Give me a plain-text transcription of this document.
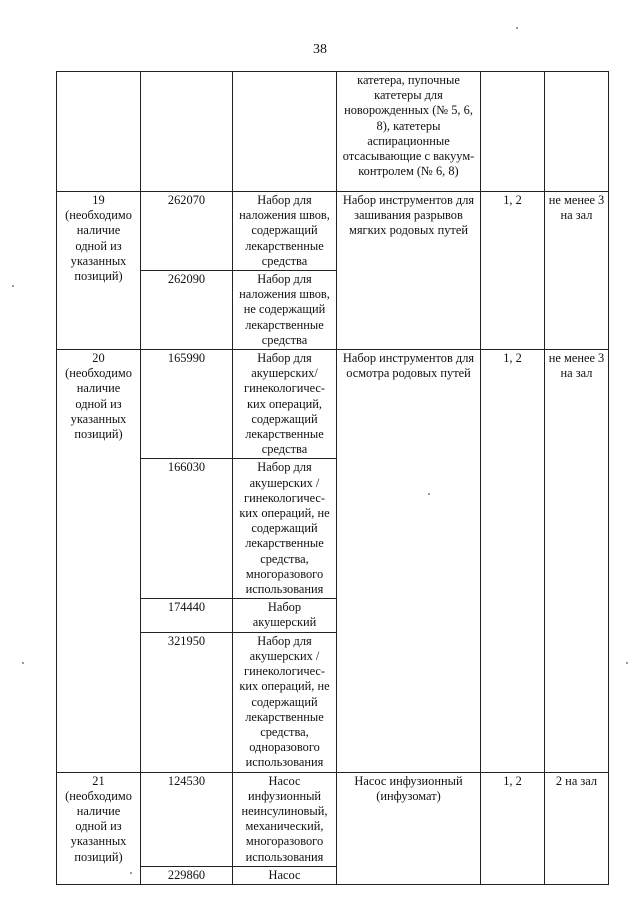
38
			катетера, пупочные катетеры для новорожденных (№ 5, 6, 8), катетеры аспирационные отсасывающие с вакуум-контролем (№ 6, 8)		
19 (необходимо наличие одной из указанных позиций)	262070	Набор для наложения швов, содержащий лекарственные средства	Набор инструментов для зашивания разрывов мягких родовых путей	1, 2	не менее 3 на зал
	262090	Набор для наложения швов, не содержащий лекарственные средства			
20 (необходимо наличие одной из указанных позиций)	165990	Набор для акушерских/ гинекологичес-ких операций, содержащий лекарственные средства	Набор инструментов для осмотра родовых путей	1, 2	не менее 3 на зал
	166030	Набор для акушерских /гинекологичес-ких операций, не содержащий лекарственные средства, многоразового использования			
	174440	Набор акушерский			
	321950	Набор для акушерских / гинекологичес-ких операций, не содержащий лекарственные средства, одноразового использования			
21 (необходимо наличие одной из указанных позиций)	124530	Насос инфузионный неинсулиновый, механический, многоразового использования	Насос инфузионный (инфузомат)	1, 2	2 на зал
	229860	Насос			
